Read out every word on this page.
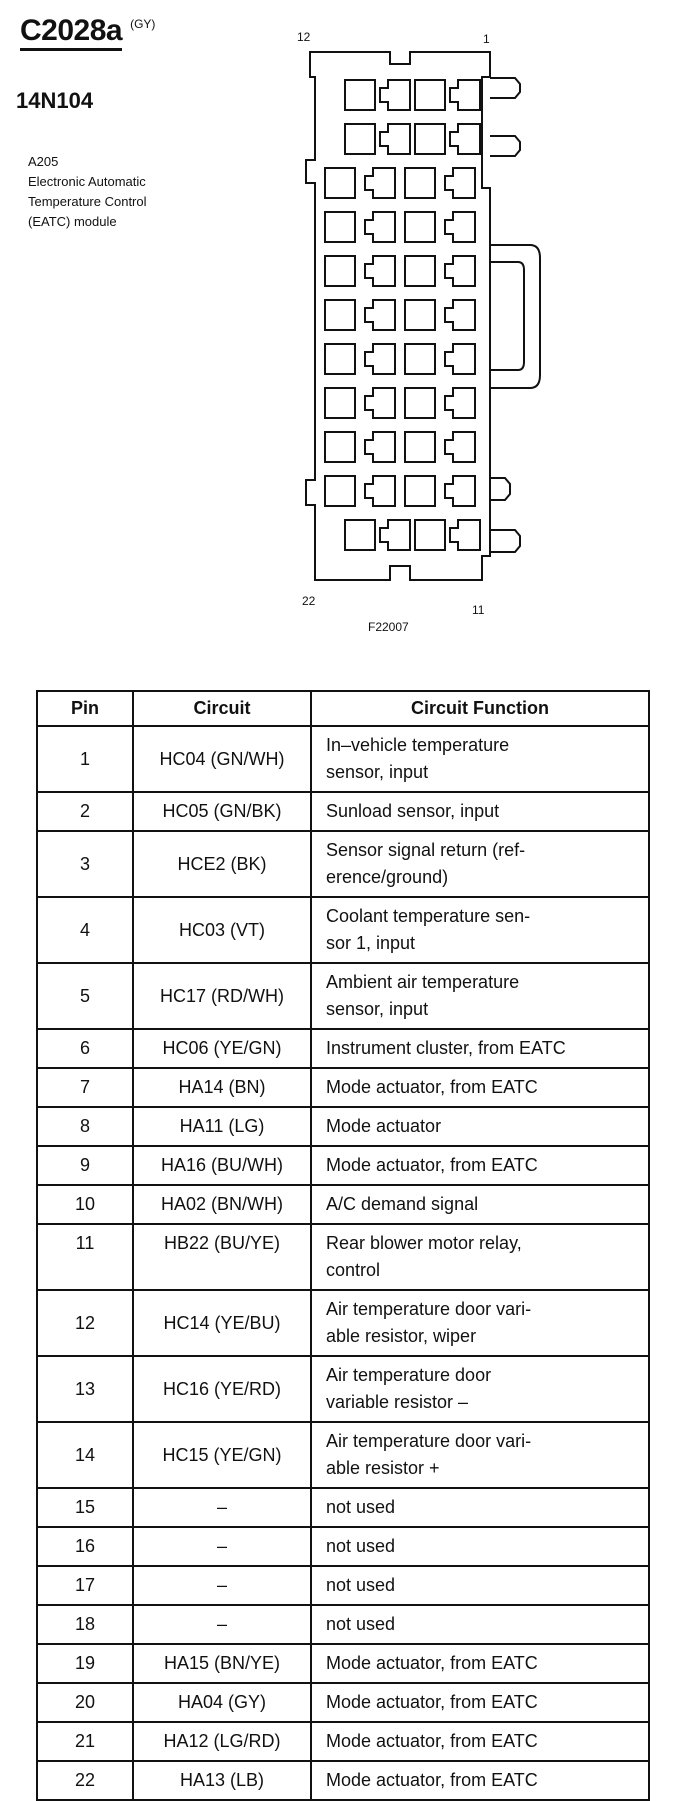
C2028a $^{(GY)}$
14N104
A205
Electronic Automatic
Temperature Control
(EATC) module
12	1
22
11
F22007
Pin	Circuit	Circuit Function
1	HC04 (GN/WH)	In–vehicle temperature
sensor, input

2	HC05 (GN/BK)	Sunload sensor, input

3	HCE2 (BK)	Sensor signal return (ref-
erence/ground)

4	HC03 (VT)	Coolant temperature sen-
sor 1, input

5	HC17 (RD/WH)	Ambient air temperature
sensor, input

6	HC06 (YE/GN)	Instrument cluster, from EATC

7	HA14 (BN)	Mode actuator, from EATC

8	HA11 (LG)	Mode actuator

9	HA16 (BU/WH)	Mode actuator, from EATC

10	HA02 (BN/WH)	A/C demand signal

11	HB22 (BU/YE)	Rear blower motor relay,
control

12	HC14 (YE/BU)	Air temperature door vari-
able resistor, wiper

13	HC16 (YE/RD)	Air temperature door
variable resistor –

14	HC15 (YE/GN)	Air temperature door vari-
able resistor +

15	–	not used

16	–	not used

17	–	not used

18	–	not used

19	HA15 (BN/YE)	Mode actuator, from EATC

20	HA04 (GY)	Mode actuator, from EATC

21	HA12 (LG/RD)	Mode actuator, from EATC

22	HA13 (LB)	Mode actuator, from EATC
